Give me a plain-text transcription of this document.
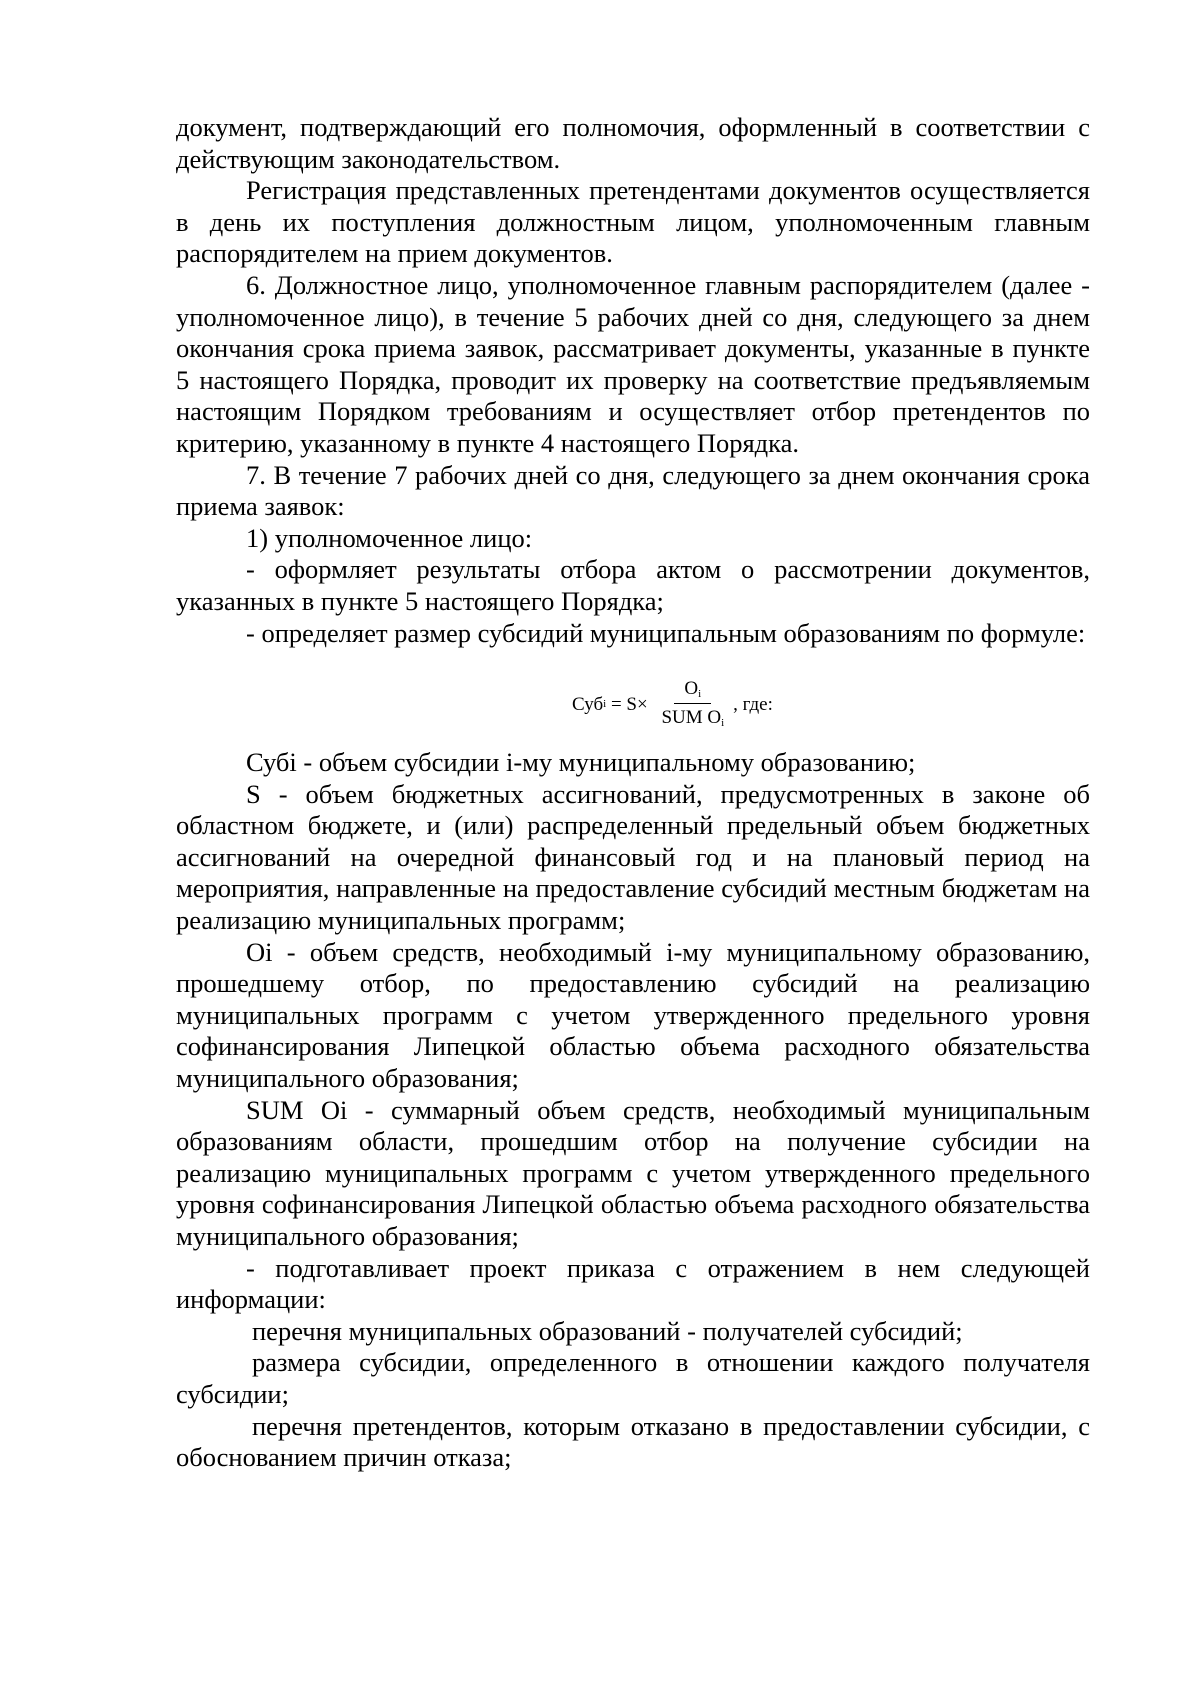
документ, подтверждающий его полномочия, оформленный в соответствии с действующим законодательством.

Регистрация представленных претендентами документов осуществляется в день их поступления должностным лицом, уполномоченным главным распорядителем на прием документов.

6. Должностное лицо, уполномоченное главным распорядителем (далее - уполномоченное лицо), в течение 5 рабочих дней со дня, следующего за днем окончания срока приема заявок, рассматривает документы, указанные в пункте 5 настоящего Порядка, проводит их проверку на соответствие предъявляемым настоящим Порядком требованиям и осуществляет отбор претендентов по критерию, указанному в пункте 4 настоящего Порядка.

7. В течение 7 рабочих дней со дня, следующего за днем окончания срока приема заявок:

1) уполномоченное лицо:

- оформляет результаты отбора актом о рассмотрении документов, указанных в пункте 5 настоящего Порядка;

- определяет размер субсидий муниципальным образованиям по формуле:

Суб $i = S\times \frac{O_i}{SUM O_i}$ , где:

Субi - объем субсидии i-му муниципальному образованию;

S - объем бюджетных ассигнований, предусмотренных в законе об областном бюджете, и (или) распределенный предельный объем бюджетных ассигнований на очередной финансовый год и на плановый период на мероприятия, направленные на предоставление субсидий местным бюджетам на реализацию муниципальных программ;

Oi - объем средств, необходимый i-му муниципальному образованию, прошедшему отбор, по предоставлению субсидий на реализацию муниципальных программ с учетом утвержденного предельного уровня софинансирования Липецкой областью объема расходного обязательства муниципального образования;

SUM Oi - суммарный объем средств, необходимый муниципальным образованиям области, прошедшим отбор на получение субсидии на реализацию муниципальных программ с учетом утвержденного предельного уровня софинансирования Липецкой областью объема расходного обязательства муниципального образования;

- подготавливает проект приказа с отражением в нем следующей информации:

перечня муниципальных образований - получателей субсидий;

размера субсидии, определенного в отношении каждого получателя субсидии;

перечня претендентов, которым отказано в предоставлении субсидии, с обоснованием причин отказа;
